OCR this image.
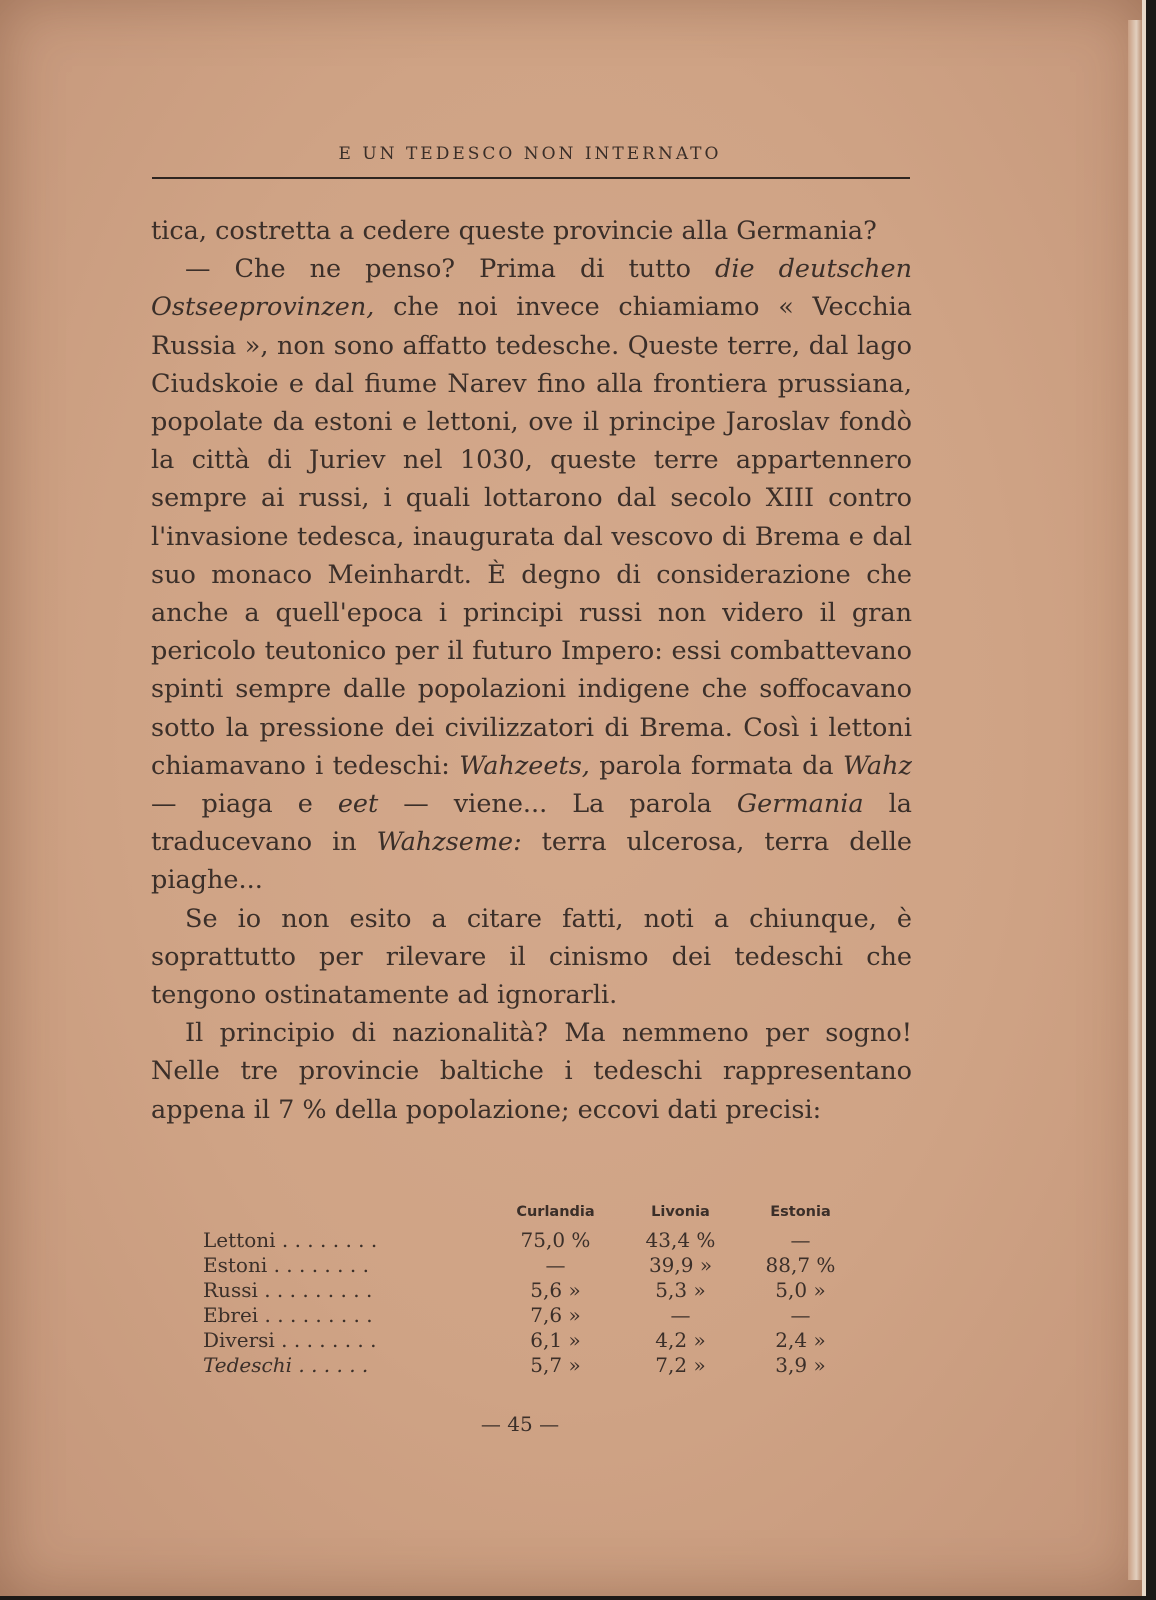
E UN TEDESCO NON INTERNATO

tica, costretta a cedere queste provincie alla Germania?

— Che ne penso? Prima di tutto die deutschen Ostseeprovinzen, che noi invece chiamiamo « Vecchia Russia », non sono affatto tedesche. Queste terre, dal lago Ciudskoie e dal fiume Narev fino alla frontiera prussiana, popolate da estoni e lettoni, ove il principe Jaroslav fondò la città di Juriev nel 1030, queste terre appartennero sempre ai russi, i quali lottarono dal secolo XIII contro l'invasione tedesca, inaugurata dal vescovo di Brema e dal suo monaco Meinhardt. È degno di considerazione che anche a quell'epoca i principi russi non videro il gran pericolo teutonico per il futuro Impero: essi combattevano spinti sempre dalle popolazioni indigene che soffocavano sotto la pressione dei civilizzatori di Brema. Così i lettoni chiamavano i tedeschi: Wahzeets, parola formata da Wahz — piaga e eet — viene... La parola Germania la traducevano in Wahzseme: terra ulcerosa, terra delle piaghe...

Se io non esito a citare fatti, noti a chiunque, è soprattutto per rilevare il cinismo dei tedeschi che tengono ostinatamente ad ignorarli.

Il principio di nazionalità? Ma nemmeno per sogno! Nelle tre provincie baltiche i tedeschi rappresentano appena il 7 % della popolazione; eccovi dati precisi:

	Curlandia	Livonia	Estonia
Lettoni . . . . . . . .	75,0 %	43,4 %	—
Estoni . . . . . . . .	—	39,9 »	88,7 %
Russi . . . . . . . . .	5,6 »	5,3 »	5,0 »
Ebrei . . . . . . . . .	7,6 »	—	—
Diversi . . . . . . . .	6,1 »	4,2 »	2,4 »
Tedeschi . . . . . .	5,7 »	7,2 »	3,9 »
— 45 —
